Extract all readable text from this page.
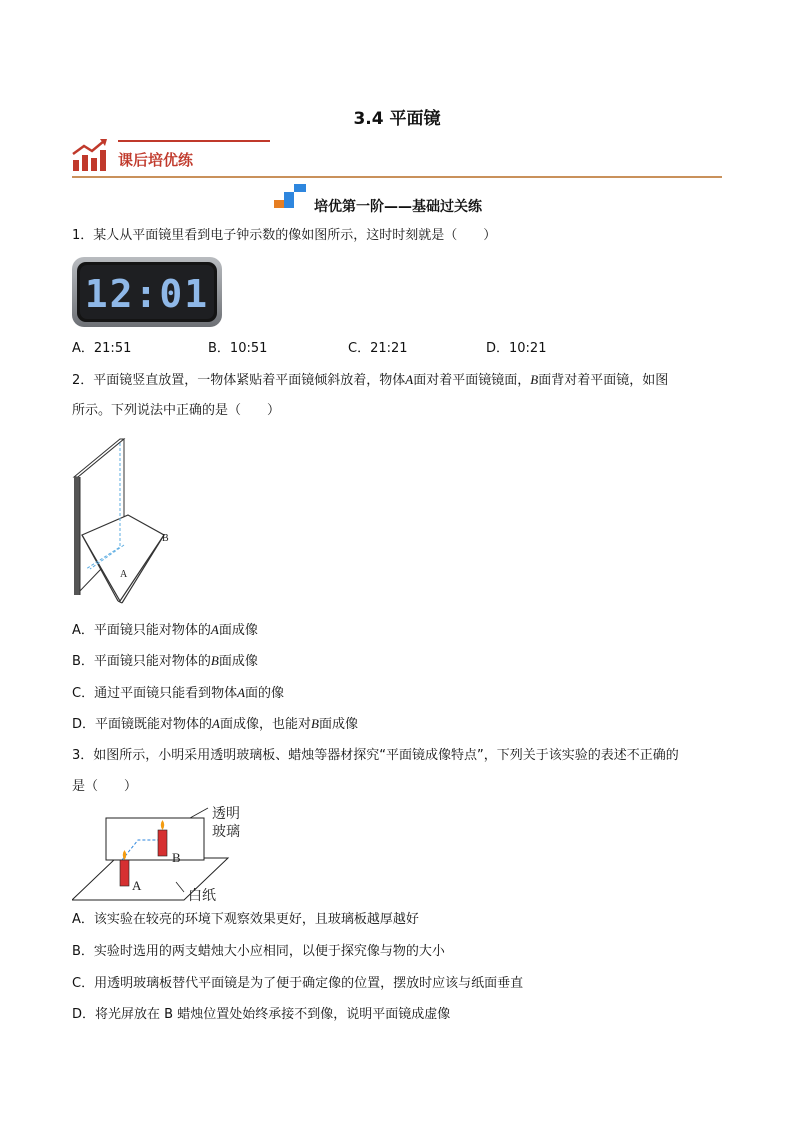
3.4 平面镜
课后培优练
培优第一阶——基础过关练
1．某人从平面镜里看到电子钟示数的像如图所示，这时时刻就是（　　）
12:01
A．21:51	B．10:51	C．21:21	D．10:21
2．平面镜竖直放置，一物体紧贴着平面镜倾斜放着，物体A面对着平面镜镜面，B面背对着平面镜，如图
所示。下列说法中正确的是（　　）
B
A
A．平面镜只能对物体的A面成像
B．平面镜只能对物体的B面成像
C．通过平面镜只能看到物体A面的像
D．平面镜既能对物体的A面成像，也能对B面成像
3．如图所示，小明采用透明玻璃板、蜡烛等器材探究“平面镜成像特点”，下列关于该实验的表述不正确的
是（　　）
透明
玻璃
B
A
白纸
A．该实验在较亮的环境下观察效果更好，且玻璃板越厚越好
B．实验时选用的两支蜡烛大小应相同，以便于探究像与物的大小
C．用透明玻璃板替代平面镜是为了便于确定像的位置，摆放时应该与纸面垂直
D．将光屏放在 B 蜡烛位置处始终承接不到像，说明平面镜成虚像
